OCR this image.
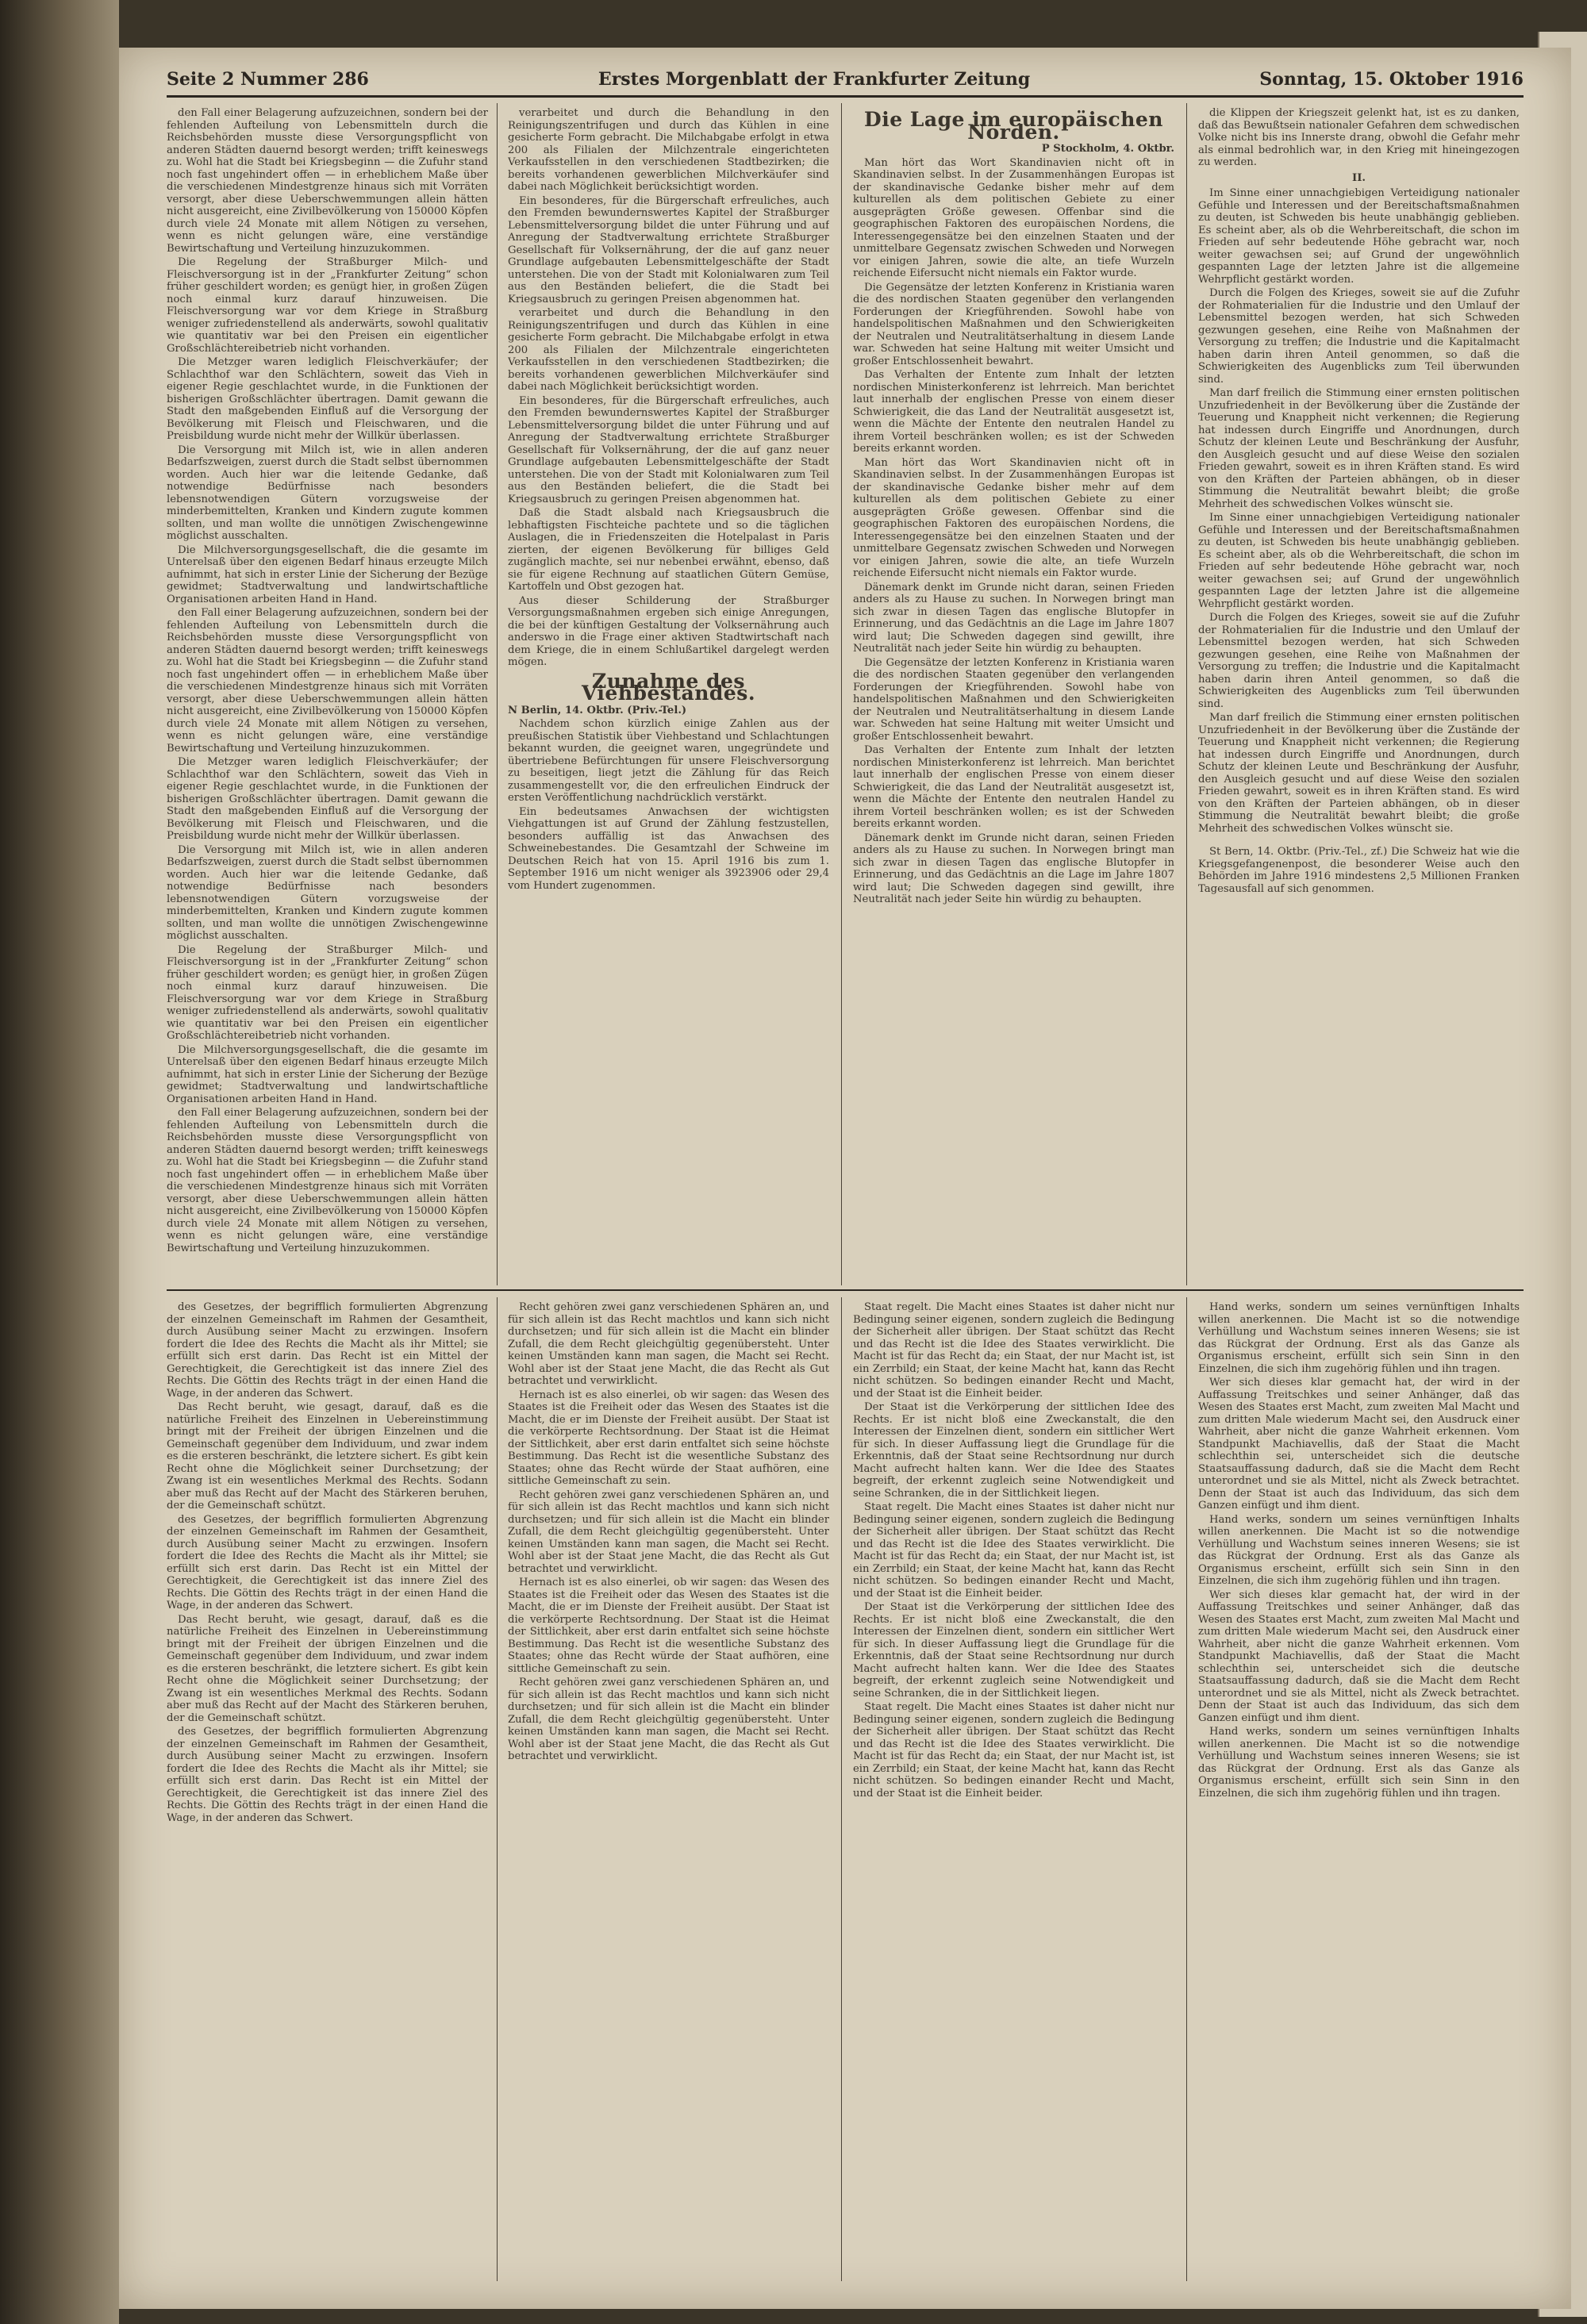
Seite 2 Nummer 286	Erstes Morgenblatt der Frankfurter Zeitung	Sonntag, 15. Oktober 1916

den Fall einer Belagerung aufzuzeichnen, sondern bei der fehlenden Aufteilung von Lebensmitteln durch die Reichsbehörden musste diese Versorgungspflicht von anderen Städten dauernd besorgt werden; trifft keineswegs zu. Wohl hat die Stadt bei Kriegsbeginn — die Zufuhr stand noch fast ungehindert offen — in erheblichem Maße über die verschiedenen Mindestgrenze hinaus sich mit Vorräten versorgt, aber diese Ueberschwemmungen allein hätten nicht ausgereicht, eine Zivilbevölkerung von 150000 Köpfen durch viele 24 Monate mit allem Nötigen zu versehen, wenn es nicht gelungen wäre, eine verständige Bewirtschaftung und Verteilung hinzuzukommen.

Die Regelung der Straßburger Milch- und Fleischversorgung ist in der „Frankfurter Zeitung“ schon früher geschildert worden; es genügt hier, in großen Zügen noch einmal kurz darauf hinzuweisen. Die Fleischversorgung war vor dem Kriege in Straßburg weniger zufriedenstellend als anderwärts, sowohl qualitativ wie quantitativ war bei den Preisen ein eigentlicher Großschlächtereibetrieb nicht vorhanden.

Die Metzger waren lediglich Fleischverkäufer; der Schlachthof war den Schlächtern, soweit das Vieh in eigener Regie geschlachtet wurde, in die Funktionen der bisherigen Großschlächter übertragen. Damit gewann die Stadt den maßgebenden Einfluß auf die Versorgung der Bevölkerung mit Fleisch und Fleischwaren, und die Preisbildung wurde nicht mehr der Willkür überlassen.

Die Versorgung mit Milch ist, wie in allen anderen Bedarfszweigen, zuerst durch die Stadt selbst übernommen worden. Auch hier war die leitende Gedanke, daß notwendige Bedürfnisse nach besonders lebensnotwendigen Gütern vorzugsweise der minderbemittelten, Kranken und Kindern zugute kommen sollten, und man wollte die unnötigen Zwischengewinne möglichst ausschalten.

Die Milchversorgungsgesellschaft, die die gesamte im Unterelsaß über den eigenen Bedarf hinaus erzeugte Milch aufnimmt, hat sich in erster Linie der Sicherung der Bezüge gewidmet; Stadtverwaltung und landwirtschaftliche Organisationen arbeiten Hand in Hand.

den Fall einer Belagerung aufzuzeichnen, sondern bei der fehlenden Aufteilung von Lebensmitteln durch die Reichsbehörden musste diese Versorgungspflicht von anderen Städten dauernd besorgt werden; trifft keineswegs zu. Wohl hat die Stadt bei Kriegsbeginn — die Zufuhr stand noch fast ungehindert offen — in erheblichem Maße über die verschiedenen Mindestgrenze hinaus sich mit Vorräten versorgt, aber diese Ueberschwemmungen allein hätten nicht ausgereicht, eine Zivilbevölkerung von 150000 Köpfen durch viele 24 Monate mit allem Nötigen zu versehen, wenn es nicht gelungen wäre, eine verständige Bewirtschaftung und Verteilung hinzuzukommen.

Die Metzger waren lediglich Fleischverkäufer; der Schlachthof war den Schlächtern, soweit das Vieh in eigener Regie geschlachtet wurde, in die Funktionen der bisherigen Großschlächter übertragen. Damit gewann die Stadt den maßgebenden Einfluß auf die Versorgung der Bevölkerung mit Fleisch und Fleischwaren, und die Preisbildung wurde nicht mehr der Willkür überlassen.

Die Versorgung mit Milch ist, wie in allen anderen Bedarfszweigen, zuerst durch die Stadt selbst übernommen worden. Auch hier war die leitende Gedanke, daß notwendige Bedürfnisse nach besonders lebensnotwendigen Gütern vorzugsweise der minderbemittelten, Kranken und Kindern zugute kommen sollten, und man wollte die unnötigen Zwischengewinne möglichst ausschalten.

Die Regelung der Straßburger Milch- und Fleischversorgung ist in der „Frankfurter Zeitung“ schon früher geschildert worden; es genügt hier, in großen Zügen noch einmal kurz darauf hinzuweisen. Die Fleischversorgung war vor dem Kriege in Straßburg weniger zufriedenstellend als anderwärts, sowohl qualitativ wie quantitativ war bei den Preisen ein eigentlicher Großschlächtereibetrieb nicht vorhanden.

Die Milchversorgungsgesellschaft, die die gesamte im Unterelsaß über den eigenen Bedarf hinaus erzeugte Milch aufnimmt, hat sich in erster Linie der Sicherung der Bezüge gewidmet; Stadtverwaltung und landwirtschaftliche Organisationen arbeiten Hand in Hand.

den Fall einer Belagerung aufzuzeichnen, sondern bei der fehlenden Aufteilung von Lebensmitteln durch die Reichsbehörden musste diese Versorgungspflicht von anderen Städten dauernd besorgt werden; trifft keineswegs zu. Wohl hat die Stadt bei Kriegsbeginn — die Zufuhr stand noch fast ungehindert offen — in erheblichem Maße über die verschiedenen Mindestgrenze hinaus sich mit Vorräten versorgt, aber diese Ueberschwemmungen allein hätten nicht ausgereicht, eine Zivilbevölkerung von 150000 Köpfen durch viele 24 Monate mit allem Nötigen zu versehen, wenn es nicht gelungen wäre, eine verständige Bewirtschaftung und Verteilung hinzuzukommen.

verarbeitet und durch die Behandlung in den Reinigungszentrifugen und durch das Kühlen in eine gesicherte Form gebracht. Die Milchabgabe erfolgt in etwa 200 als Filialen der Milchzentrale eingerichteten Verkaufsstellen in den verschiedenen Stadtbezirken; die bereits vorhandenen gewerblichen Milchverkäufer sind dabei nach Möglichkeit berücksichtigt worden.

Ein besonderes, für die Bürgerschaft erfreuliches, auch den Fremden bewundernswertes Kapitel der Straßburger Lebensmittelversorgung bildet die unter Führung und auf Anregung der Stadtverwaltung errichtete Straßburger Gesellschaft für Volksernährung, der die auf ganz neuer Grundlage aufgebauten Lebensmittelgeschäfte der Stadt unterstehen. Die von der Stadt mit Kolonialwaren zum Teil aus den Beständen beliefert, die die Stadt bei Kriegsausbruch zu geringen Preisen abgenommen hat.

verarbeitet und durch die Behandlung in den Reinigungszentrifugen und durch das Kühlen in eine gesicherte Form gebracht. Die Milchabgabe erfolgt in etwa 200 als Filialen der Milchzentrale eingerichteten Verkaufsstellen in den verschiedenen Stadtbezirken; die bereits vorhandenen gewerblichen Milchverkäufer sind dabei nach Möglichkeit berücksichtigt worden.

Ein besonderes, für die Bürgerschaft erfreuliches, auch den Fremden bewundernswertes Kapitel der Straßburger Lebensmittelversorgung bildet die unter Führung und auf Anregung der Stadtverwaltung errichtete Straßburger Gesellschaft für Volksernährung, der die auf ganz neuer Grundlage aufgebauten Lebensmittelgeschäfte der Stadt unterstehen. Die von der Stadt mit Kolonialwaren zum Teil aus den Beständen beliefert, die die Stadt bei Kriegsausbruch zu geringen Preisen abgenommen hat.

Daß die Stadt alsbald nach Kriegsausbruch die lebhaftigsten Fischteiche pachtete und so die täglichen Auslagen, die in Friedenszeiten die Hotelpalast in Paris zierten, der eigenen Bevölkerung für billiges Geld zugänglich machte, sei nur nebenbei erwähnt, ebenso, daß sie für eigene Rechnung auf staatlichen Gütern Gemüse, Kartoffeln und Obst gezogen hat.

Aus dieser Schilderung der Straßburger Versorgungsmaßnahmen ergeben sich einige Anregungen, die bei der künftigen Gestaltung der Volksernährung auch anderswo in die Frage einer aktiven Stadtwirtschaft nach dem Kriege, die in einem Schlußartikel dargelegt werden mögen.

Zunahme des Viehbestandes.

N Berlin, 14. Oktbr. (Priv.-Tel.)

Nachdem schon kürzlich einige Zahlen aus der preußischen Statistik über Viehbestand und Schlachtungen bekannt wurden, die geeignet waren, ungegründete und übertriebene Befürchtungen für unsere Fleischversorgung zu beseitigen, liegt jetzt die Zählung für das Reich zusammengestellt vor, die den erfreulichen Eindruck der ersten Veröffentlichung nachdrücklich verstärkt.

Ein bedeutsames Anwachsen der wichtigsten Viehgattungen ist auf Grund der Zählung festzustellen, besonders auffällig ist das Anwachsen des Schweinebestandes. Die Gesamtzahl der Schweine im Deutschen Reich hat von 15. April 1916 bis zum 1. September 1916 um nicht weniger als 3923906 oder 29,4 vom Hundert zugenommen.

Die Lage im europäischen Norden.

P Stockholm, 4. Oktbr.

Man hört das Wort Skandinavien nicht oft in Skandinavien selbst. In der Zusammenhängen Europas ist der skandinavische Gedanke bisher mehr auf dem kulturellen als dem politischen Gebiete zu einer ausgeprägten Größe gewesen. Offenbar sind die geographischen Faktoren des europäischen Nordens, die Interessengegensätze bei den einzelnen Staaten und der unmittelbare Gegensatz zwischen Schweden und Norwegen vor einigen Jahren, sowie die alte, an tiefe Wurzeln reichende Eifersucht nicht niemals ein Faktor wurde.

Die Gegensätze der letzten Konferenz in Kristiania waren die des nordischen Staaten gegenüber den verlangenden Forderungen der Kriegführenden. Sowohl habe von handelspolitischen Maßnahmen und den Schwierigkeiten der Neutralen und Neutralitätserhaltung in diesem Lande war. Schweden hat seine Haltung mit weiter Umsicht und großer Entschlossenheit bewahrt.

Das Verhalten der Entente zum Inhalt der letzten nordischen Ministerkonferenz ist lehrreich. Man berichtet laut innerhalb der englischen Presse von einem dieser Schwierigkeit, die das Land der Neutralität ausgesetzt ist, wenn die Mächte der Entente den neutralen Handel zu ihrem Vorteil beschränken wollen; es ist der Schweden bereits erkannt worden.

Man hört das Wort Skandinavien nicht oft in Skandinavien selbst. In der Zusammenhängen Europas ist der skandinavische Gedanke bisher mehr auf dem kulturellen als dem politischen Gebiete zu einer ausgeprägten Größe gewesen. Offenbar sind die geographischen Faktoren des europäischen Nordens, die Interessengegensätze bei den einzelnen Staaten und der unmittelbare Gegensatz zwischen Schweden und Norwegen vor einigen Jahren, sowie die alte, an tiefe Wurzeln reichende Eifersucht nicht niemals ein Faktor wurde.

Dänemark denkt im Grunde nicht daran, seinen Frieden anders als zu Hause zu suchen. In Norwegen bringt man sich zwar in diesen Tagen das englische Blutopfer in Erinnerung, und das Gedächtnis an die Lage im Jahre 1807 wird laut; Die Schweden dagegen sind gewillt, ihre Neutralität nach jeder Seite hin würdig zu behaupten.

Die Gegensätze der letzten Konferenz in Kristiania waren die des nordischen Staaten gegenüber den verlangenden Forderungen der Kriegführenden. Sowohl habe von handelspolitischen Maßnahmen und den Schwierigkeiten der Neutralen und Neutralitätserhaltung in diesem Lande war. Schweden hat seine Haltung mit weiter Umsicht und großer Entschlossenheit bewahrt.

Das Verhalten der Entente zum Inhalt der letzten nordischen Ministerkonferenz ist lehrreich. Man berichtet laut innerhalb der englischen Presse von einem dieser Schwierigkeit, die das Land der Neutralität ausgesetzt ist, wenn die Mächte der Entente den neutralen Handel zu ihrem Vorteil beschränken wollen; es ist der Schweden bereits erkannt worden.

Dänemark denkt im Grunde nicht daran, seinen Frieden anders als zu Hause zu suchen. In Norwegen bringt man sich zwar in diesen Tagen das englische Blutopfer in Erinnerung, und das Gedächtnis an die Lage im Jahre 1807 wird laut; Die Schweden dagegen sind gewillt, ihre Neutralität nach jeder Seite hin würdig zu behaupten.

die Klippen der Kriegszeit gelenkt hat, ist es zu danken, daß das Bewußtsein nationaler Gefahren dem schwedischen Volke nicht bis ins Innerste drang, obwohl die Gefahr mehr als einmal bedrohlich war, in den Krieg mit hineingezogen zu werden.

II.

Im Sinne einer unnachgiebigen Verteidigung nationaler Gefühle und Interessen und der Bereitschaftsmaßnahmen zu deuten, ist Schweden bis heute unabhängig geblieben. Es scheint aber, als ob die Wehrbereitschaft, die schon im Frieden auf sehr bedeutende Höhe gebracht war, noch weiter gewachsen sei; auf Grund der ungewöhnlich gespannten Lage der letzten Jahre ist die allgemeine Wehrpflicht gestärkt worden.

Durch die Folgen des Krieges, soweit sie auf die Zufuhr der Rohmaterialien für die Industrie und den Umlauf der Lebensmittel bezogen werden, hat sich Schweden gezwungen gesehen, eine Reihe von Maßnahmen der Versorgung zu treffen; die Industrie und die Kapitalmacht haben darin ihren Anteil genommen, so daß die Schwierigkeiten des Augenblicks zum Teil überwunden sind.

Man darf freilich die Stimmung einer ernsten politischen Unzufriedenheit in der Bevölkerung über die Zustände der Teuerung und Knappheit nicht verkennen; die Regierung hat indessen durch Eingriffe und Anordnungen, durch Schutz der kleinen Leute und Beschränkung der Ausfuhr, den Ausgleich gesucht und auf diese Weise den sozialen Frieden gewahrt, soweit es in ihren Kräften stand. Es wird von den Kräften der Parteien abhängen, ob in dieser Stimmung die Neutralität bewahrt bleibt; die große Mehrheit des schwedischen Volkes wünscht sie.

Im Sinne einer unnachgiebigen Verteidigung nationaler Gefühle und Interessen und der Bereitschaftsmaßnahmen zu deuten, ist Schweden bis heute unabhängig geblieben. Es scheint aber, als ob die Wehrbereitschaft, die schon im Frieden auf sehr bedeutende Höhe gebracht war, noch weiter gewachsen sei; auf Grund der ungewöhnlich gespannten Lage der letzten Jahre ist die allgemeine Wehrpflicht gestärkt worden.

Durch die Folgen des Krieges, soweit sie auf die Zufuhr der Rohmaterialien für die Industrie und den Umlauf der Lebensmittel bezogen werden, hat sich Schweden gezwungen gesehen, eine Reihe von Maßnahmen der Versorgung zu treffen; die Industrie und die Kapitalmacht haben darin ihren Anteil genommen, so daß die Schwierigkeiten des Augenblicks zum Teil überwunden sind.

Man darf freilich die Stimmung einer ernsten politischen Unzufriedenheit in der Bevölkerung über die Zustände der Teuerung und Knappheit nicht verkennen; die Regierung hat indessen durch Eingriffe und Anordnungen, durch Schutz der kleinen Leute und Beschränkung der Ausfuhr, den Ausgleich gesucht und auf diese Weise den sozialen Frieden gewahrt, soweit es in ihren Kräften stand. Es wird von den Kräften der Parteien abhängen, ob in dieser Stimmung die Neutralität bewahrt bleibt; die große Mehrheit des schwedischen Volkes wünscht sie.

St Bern, 14. Oktbr. (Priv.-Tel., zf.) Die Schweiz hat wie die Kriegsgefangenenpost, die besonderer Weise auch den Behörden im Jahre 1916 mindestens 2,5 Millionen Franken Tagesausfall auf sich genommen.

des Gesetzes, der begrifflich formulierten Abgrenzung der einzelnen Gemeinschaft im Rahmen der Gesamtheit, durch Ausübung seiner Macht zu erzwingen. Insofern fordert die Idee des Rechts die Macht als ihr Mittel; sie erfüllt sich erst darin. Das Recht ist ein Mittel der Gerechtigkeit, die Gerechtigkeit ist das innere Ziel des Rechts. Die Göttin des Rechts trägt in der einen Hand die Wage, in der anderen das Schwert.

Das Recht beruht, wie gesagt, darauf, daß es die natürliche Freiheit des Einzelnen in Uebereinstimmung bringt mit der Freiheit der übrigen Einzelnen und die Gemeinschaft gegenüber dem Individuum, und zwar indem es die ersteren beschränkt, die letztere sichert. Es gibt kein Recht ohne die Möglichkeit seiner Durchsetzung; der Zwang ist ein wesentliches Merkmal des Rechts. Sodann aber muß das Recht auf der Macht des Stärkeren beruhen, der die Gemeinschaft schützt.

des Gesetzes, der begrifflich formulierten Abgrenzung der einzelnen Gemeinschaft im Rahmen der Gesamtheit, durch Ausübung seiner Macht zu erzwingen. Insofern fordert die Idee des Rechts die Macht als ihr Mittel; sie erfüllt sich erst darin. Das Recht ist ein Mittel der Gerechtigkeit, die Gerechtigkeit ist das innere Ziel des Rechts. Die Göttin des Rechts trägt in der einen Hand die Wage, in der anderen das Schwert.

Das Recht beruht, wie gesagt, darauf, daß es die natürliche Freiheit des Einzelnen in Uebereinstimmung bringt mit der Freiheit der übrigen Einzelnen und die Gemeinschaft gegenüber dem Individuum, und zwar indem es die ersteren beschränkt, die letztere sichert. Es gibt kein Recht ohne die Möglichkeit seiner Durchsetzung; der Zwang ist ein wesentliches Merkmal des Rechts. Sodann aber muß das Recht auf der Macht des Stärkeren beruhen, der die Gemeinschaft schützt.

des Gesetzes, der begrifflich formulierten Abgrenzung der einzelnen Gemeinschaft im Rahmen der Gesamtheit, durch Ausübung seiner Macht zu erzwingen. Insofern fordert die Idee des Rechts die Macht als ihr Mittel; sie erfüllt sich erst darin. Das Recht ist ein Mittel der Gerechtigkeit, die Gerechtigkeit ist das innere Ziel des Rechts. Die Göttin des Rechts trägt in der einen Hand die Wage, in der anderen das Schwert.

Recht gehören zwei ganz verschiedenen Sphären an, und für sich allein ist das Recht machtlos und kann sich nicht durchsetzen; und für sich allein ist die Macht ein blinder Zufall, die dem Recht gleichgültig gegenübersteht. Unter keinen Umständen kann man sagen, die Macht sei Recht. Wohl aber ist der Staat jene Macht, die das Recht als Gut betrachtet und verwirklicht.

Hernach ist es also einerlei, ob wir sagen: das Wesen des Staates ist die Freiheit oder das Wesen des Staates ist die Macht, die er im Dienste der Freiheit ausübt. Der Staat ist die verkörperte Rechtsordnung. Der Staat ist die Heimat der Sittlichkeit, aber erst darin entfaltet sich seine höchste Bestimmung. Das Recht ist die wesentliche Substanz des Staates; ohne das Recht würde der Staat aufhören, eine sittliche Gemeinschaft zu sein.

Recht gehören zwei ganz verschiedenen Sphären an, und für sich allein ist das Recht machtlos und kann sich nicht durchsetzen; und für sich allein ist die Macht ein blinder Zufall, die dem Recht gleichgültig gegenübersteht. Unter keinen Umständen kann man sagen, die Macht sei Recht. Wohl aber ist der Staat jene Macht, die das Recht als Gut betrachtet und verwirklicht.

Hernach ist es also einerlei, ob wir sagen: das Wesen des Staates ist die Freiheit oder das Wesen des Staates ist die Macht, die er im Dienste der Freiheit ausübt. Der Staat ist die verkörperte Rechtsordnung. Der Staat ist die Heimat der Sittlichkeit, aber erst darin entfaltet sich seine höchste Bestimmung. Das Recht ist die wesentliche Substanz des Staates; ohne das Recht würde der Staat aufhören, eine sittliche Gemeinschaft zu sein.

Recht gehören zwei ganz verschiedenen Sphären an, und für sich allein ist das Recht machtlos und kann sich nicht durchsetzen; und für sich allein ist die Macht ein blinder Zufall, die dem Recht gleichgültig gegenübersteht. Unter keinen Umständen kann man sagen, die Macht sei Recht. Wohl aber ist der Staat jene Macht, die das Recht als Gut betrachtet und verwirklicht.

Staat regelt. Die Macht eines Staates ist daher nicht nur Bedingung seiner eigenen, sondern zugleich die Bedingung der Sicherheit aller übrigen. Der Staat schützt das Recht und das Recht ist die Idee des Staates verwirklicht. Die Macht ist für das Recht da; ein Staat, der nur Macht ist, ist ein Zerrbild; ein Staat, der keine Macht hat, kann das Recht nicht schützen. So bedingen einander Recht und Macht, und der Staat ist die Einheit beider.

Der Staat ist die Verkörperung der sittlichen Idee des Rechts. Er ist nicht bloß eine Zweckanstalt, die den Interessen der Einzelnen dient, sondern ein sittlicher Wert für sich. In dieser Auffassung liegt die Grundlage für die Erkenntnis, daß der Staat seine Rechtsordnung nur durch Macht aufrecht halten kann. Wer die Idee des Staates begreift, der erkennt zugleich seine Notwendigkeit und seine Schranken, die in der Sittlichkeit liegen.

Staat regelt. Die Macht eines Staates ist daher nicht nur Bedingung seiner eigenen, sondern zugleich die Bedingung der Sicherheit aller übrigen. Der Staat schützt das Recht und das Recht ist die Idee des Staates verwirklicht. Die Macht ist für das Recht da; ein Staat, der nur Macht ist, ist ein Zerrbild; ein Staat, der keine Macht hat, kann das Recht nicht schützen. So bedingen einander Recht und Macht, und der Staat ist die Einheit beider.

Der Staat ist die Verkörperung der sittlichen Idee des Rechts. Er ist nicht bloß eine Zweckanstalt, die den Interessen der Einzelnen dient, sondern ein sittlicher Wert für sich. In dieser Auffassung liegt die Grundlage für die Erkenntnis, daß der Staat seine Rechtsordnung nur durch Macht aufrecht halten kann. Wer die Idee des Staates begreift, der erkennt zugleich seine Notwendigkeit und seine Schranken, die in der Sittlichkeit liegen.

Staat regelt. Die Macht eines Staates ist daher nicht nur Bedingung seiner eigenen, sondern zugleich die Bedingung der Sicherheit aller übrigen. Der Staat schützt das Recht und das Recht ist die Idee des Staates verwirklicht. Die Macht ist für das Recht da; ein Staat, der nur Macht ist, ist ein Zerrbild; ein Staat, der keine Macht hat, kann das Recht nicht schützen. So bedingen einander Recht und Macht, und der Staat ist die Einheit beider.

Hand werks, sondern um seines vernünftigen Inhalts willen anerkennen. Die Macht ist so die notwendige Verhüllung und Wachstum seines inneren Wesens; sie ist das Rückgrat der Ordnung. Erst als das Ganze als Organismus erscheint, erfüllt sich sein Sinn in den Einzelnen, die sich ihm zugehörig fühlen und ihn tragen.

Wer sich dieses klar gemacht hat, der wird in der Auffassung Treitschkes und seiner Anhänger, daß das Wesen des Staates erst Macht, zum zweiten Mal Macht und zum dritten Male wiederum Macht sei, den Ausdruck einer Wahrheit, aber nicht die ganze Wahrheit erkennen. Vom Standpunkt Machiavellis, daß der Staat die Macht schlechthin sei, unterscheidet sich die deutsche Staatsauffassung dadurch, daß sie die Macht dem Recht unterordnet und sie als Mittel, nicht als Zweck betrachtet. Denn der Staat ist auch das Individuum, das sich dem Ganzen einfügt und ihm dient.

Hand werks, sondern um seines vernünftigen Inhalts willen anerkennen. Die Macht ist so die notwendige Verhüllung und Wachstum seines inneren Wesens; sie ist das Rückgrat der Ordnung. Erst als das Ganze als Organismus erscheint, erfüllt sich sein Sinn in den Einzelnen, die sich ihm zugehörig fühlen und ihn tragen.

Wer sich dieses klar gemacht hat, der wird in der Auffassung Treitschkes und seiner Anhänger, daß das Wesen des Staates erst Macht, zum zweiten Mal Macht und zum dritten Male wiederum Macht sei, den Ausdruck einer Wahrheit, aber nicht die ganze Wahrheit erkennen. Vom Standpunkt Machiavellis, daß der Staat die Macht schlechthin sei, unterscheidet sich die deutsche Staatsauffassung dadurch, daß sie die Macht dem Recht unterordnet und sie als Mittel, nicht als Zweck betrachtet. Denn der Staat ist auch das Individuum, das sich dem Ganzen einfügt und ihm dient.

Hand werks, sondern um seines vernünftigen Inhalts willen anerkennen. Die Macht ist so die notwendige Verhüllung und Wachstum seines inneren Wesens; sie ist das Rückgrat der Ordnung. Erst als das Ganze als Organismus erscheint, erfüllt sich sein Sinn in den Einzelnen, die sich ihm zugehörig fühlen und ihn tragen.
